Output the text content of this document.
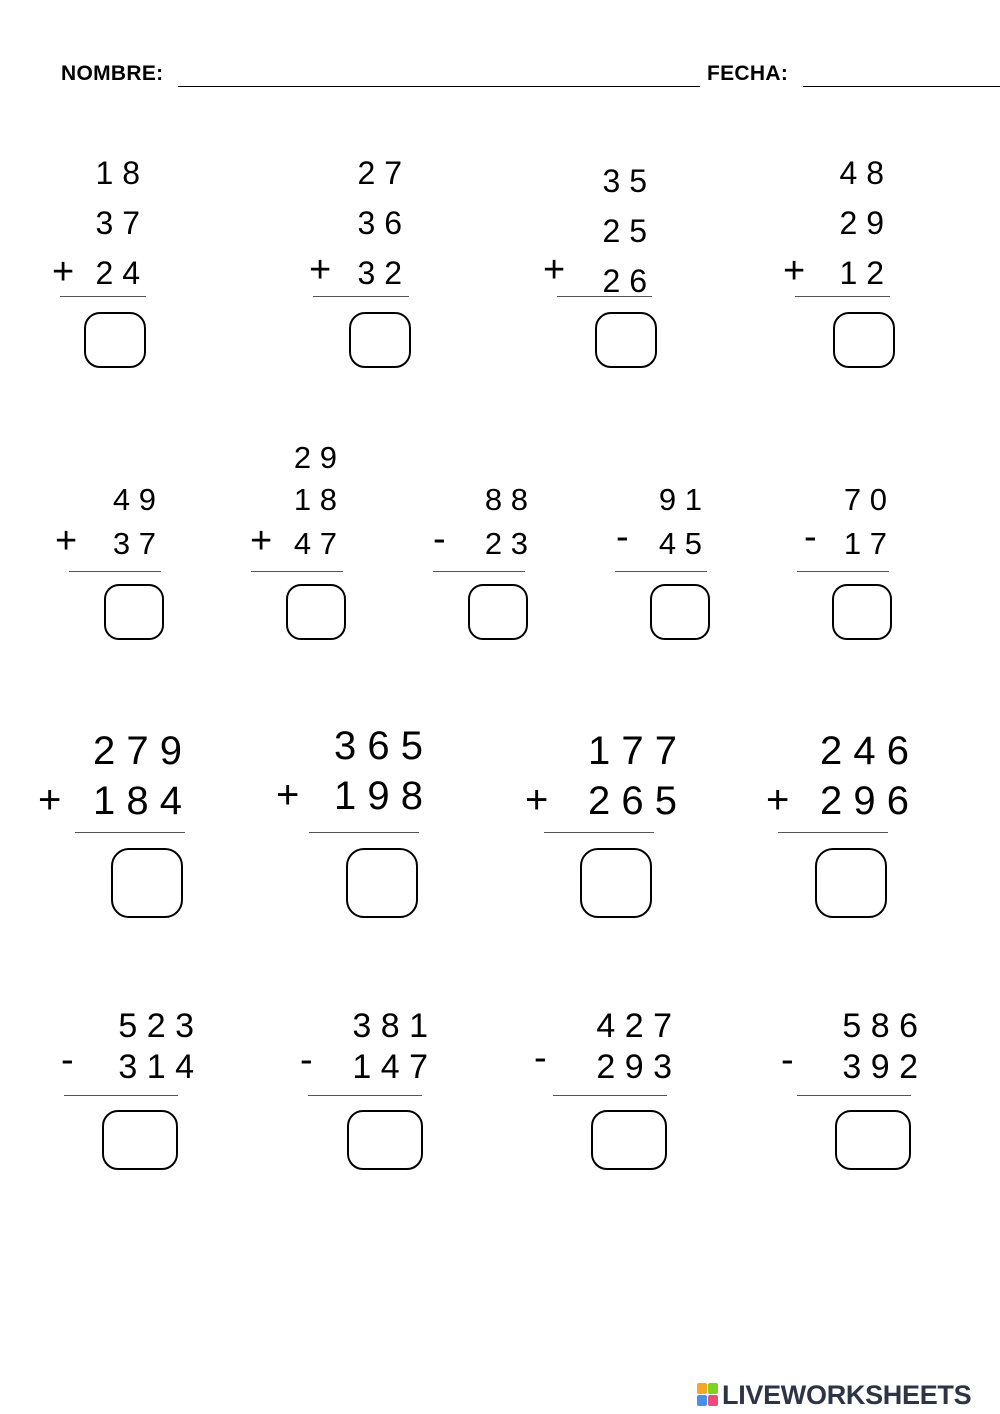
NOMBRE:	FECHA:
1 8
3 7
2 4
+
2 7
3 6
3 2
+
3 5
2 5
2 6
+
4 8
2 9
1 2
+
4 9
3 7
+
2 9
1 8
4 7
+
8 8
2 3
-
9 1
4 5
-
7 0
1 7
-
2 7 9
1 8 4
+
3 6 5
1 9 8
+
1 7 7
2 6 5
+
2 4 6
2 9 6
+
5 2 3
3 1 4
-
3 8 1
1 4 7
-
4 2 7
2 9 3
-
5 8 6
3 9 2
-
LIVEWORKSHEETS
